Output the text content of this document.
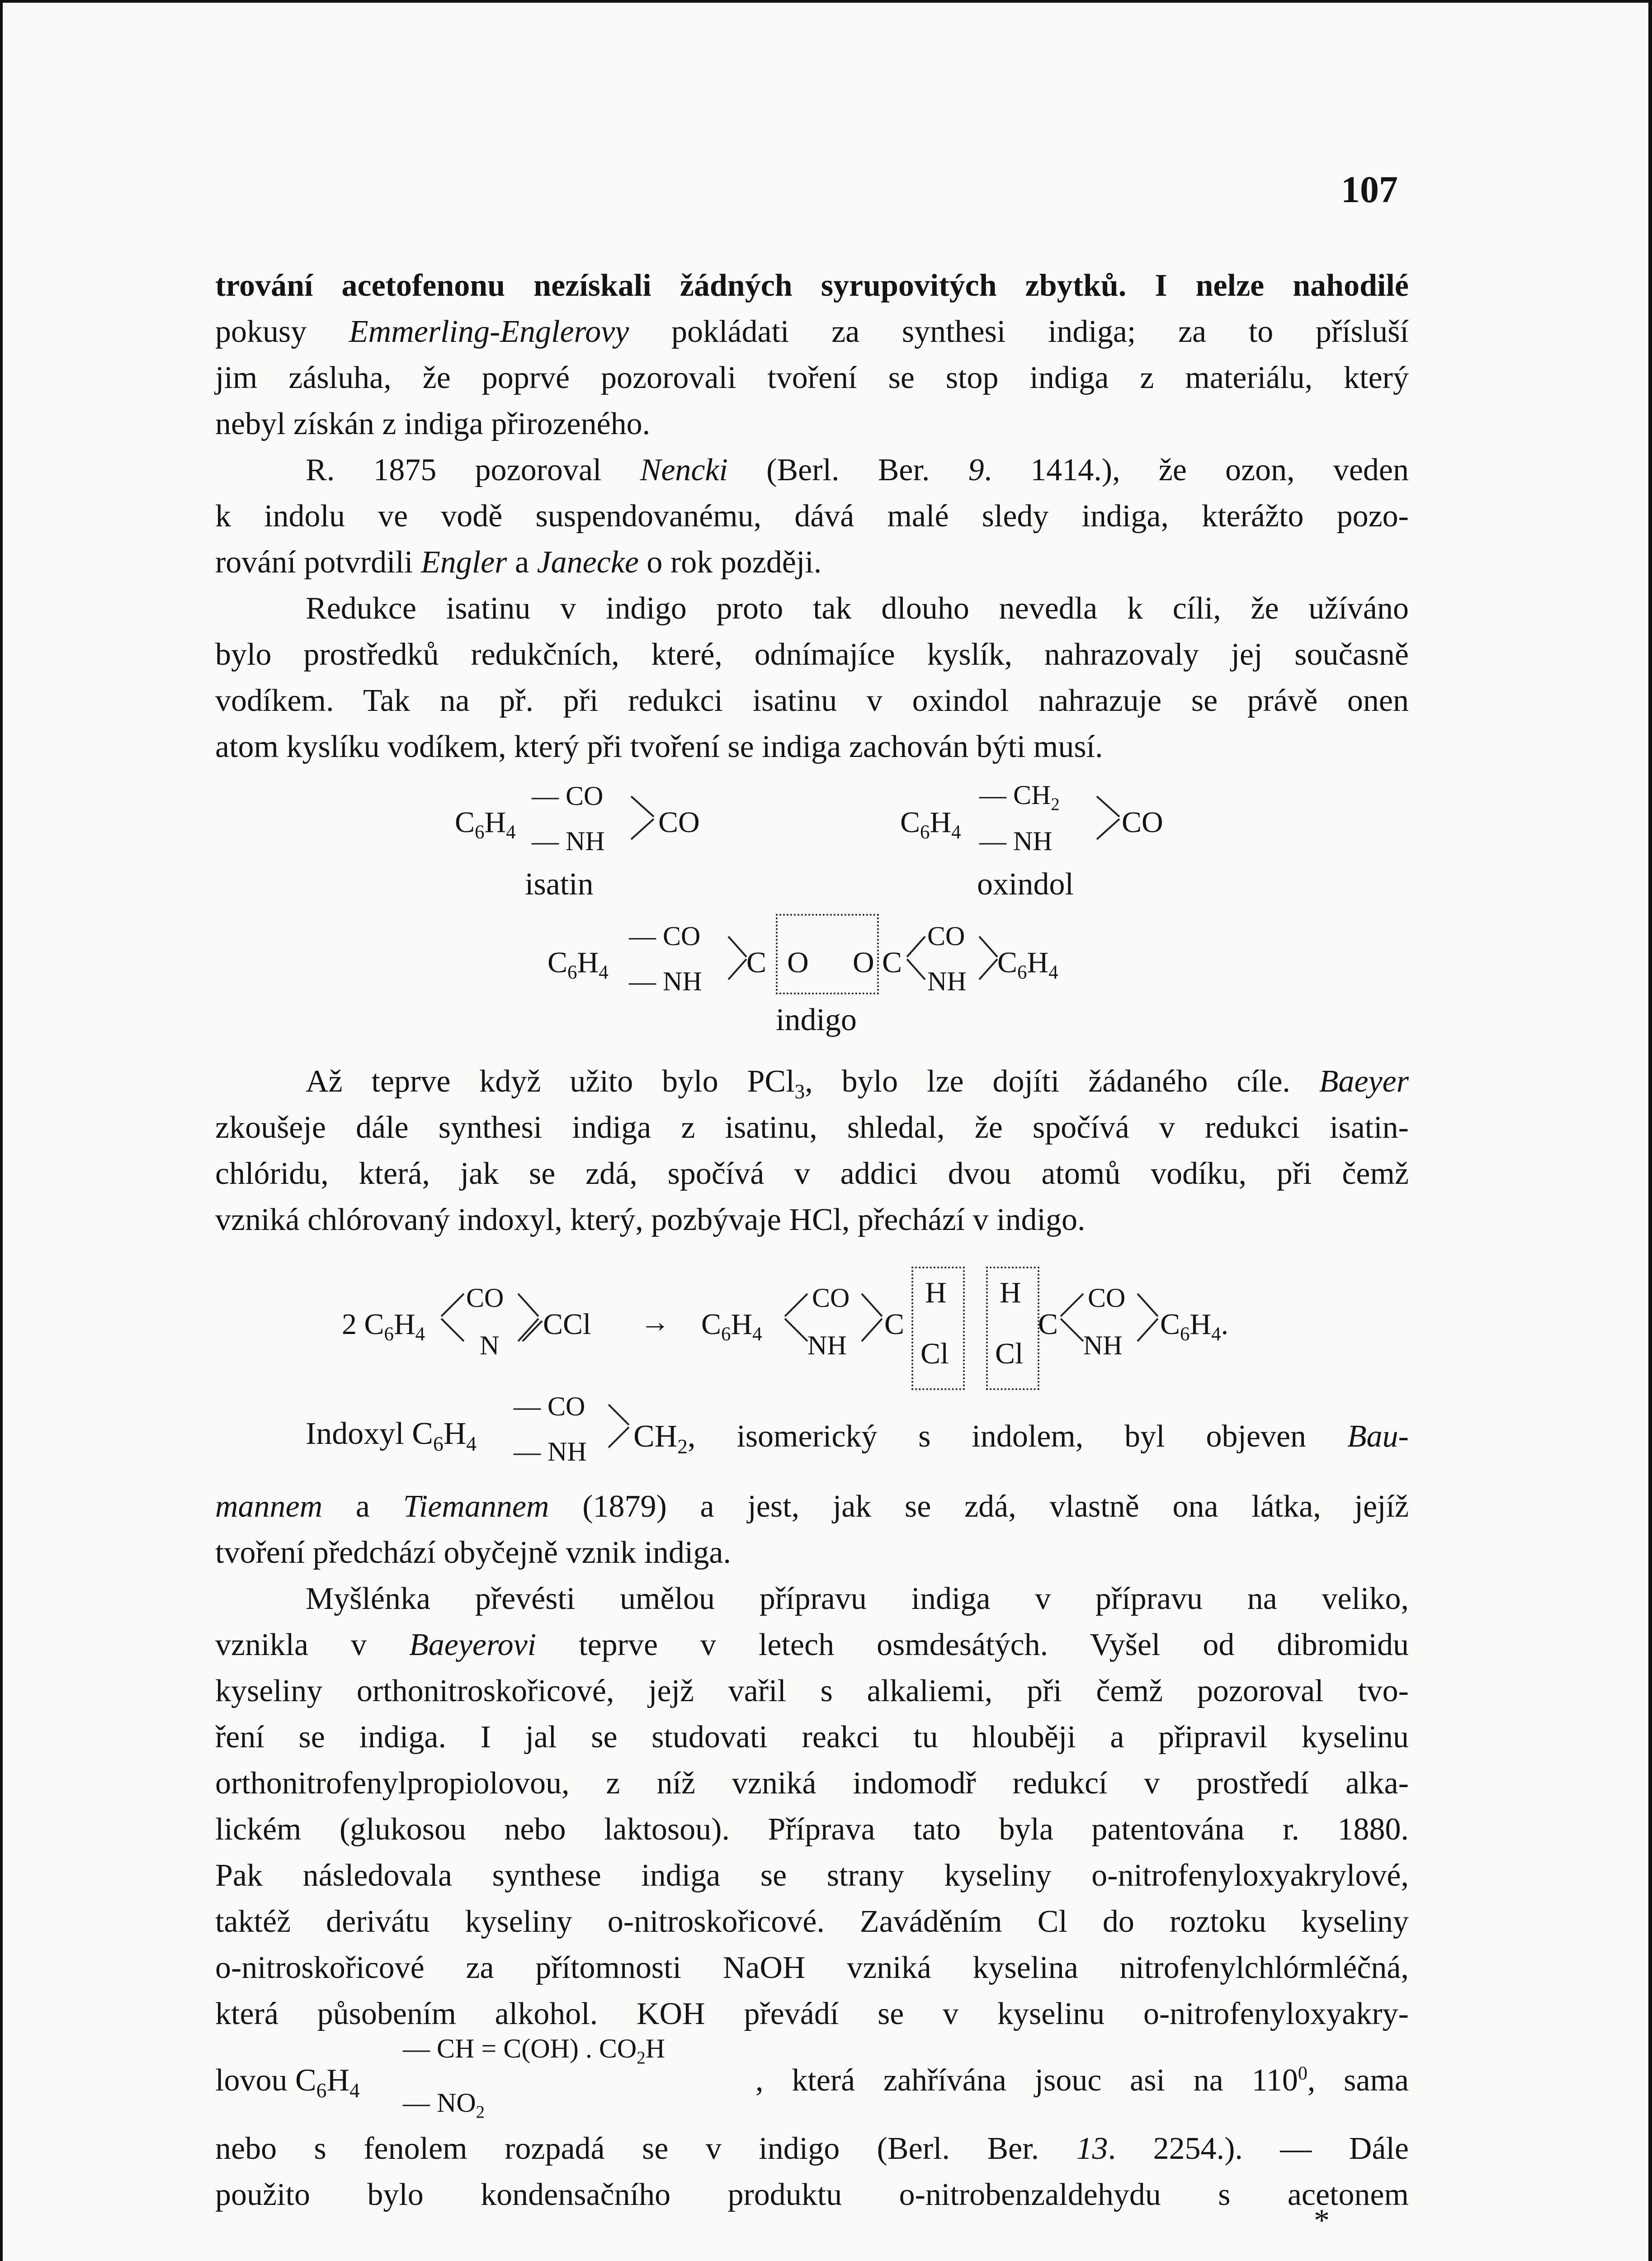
107
trování acetofenonu nezískali žádných syrupovitých zbytků. I nelze nahodilé
pokusy Emmerling-Englerovy pokládati za synthesi indiga; za to přísluší
jim zásluha, že poprvé pozorovali tvoření se stop indiga z materiálu, který
nebyl získán z indiga přirozeného.
R. 1875 pozoroval Nencki (Berl. Ber. 9. 1414.), že ozon, veden
k indolu ve vodě suspendovanému, dává malé sledy indiga, kterážto pozo-
rování potvrdili Engler a Janecke o rok později.
Redukce isatinu v indigo proto tak dlouho nevedla k cíli, že užíváno
bylo prostředků redukčních, které, odnímajíce kyslík, nahrazovaly jej současně
vodíkem. Tak na př. při redukci isatinu v oxindol nahrazuje se právě onen
atom kyslíku vodíkem, který při tvoření se indiga zachován býti musí.
$C_6H_4$
— CO
— NH
CO
isatin
$C_6H_4$
— $CH_2$
— NH
CO
oxindol
$C_6H_4$
— CO
— NH
C O O C
CO
NH
$C_6H_4$
indigo
Až teprve když užito bylo PCl$_3$, bylo lze dojíti žádaného cíle. Baeyer
zkoušeje dále synthesi indiga z isatinu, shledal, že spočívá v redukci isatin-
chlóridu, která, jak se zdá, spočívá v addici dvou atomů vodíku, při čemž
vzniká chlórovaný indoxyl, který, pozbývaje HCl, přechází v indigo.
2 $C_6H_4$
CO
N
CCl → $C_6H_4$
CO
NH
C
H
Cl
H
Cl
C
CO
NH
$C_6H_4$.
Indoxyl $C_6H_4$
— CO
— NH $CH_2$, isomerický s indolem, byl objeven Bau-
mannem a Tiemannem (1879) a jest, jak se zdá, vlastně ona látka, jejíž
tvoření předchází obyčejně vznik indiga.
Myšlénka převésti umělou přípravu indiga v přípravu na veliko,
vznikla v Baeyerovi teprve v letech osmdesátých. Vyšel od dibromidu
kyseliny orthonitroskořicové, jejž vařil s alkaliemi, při čemž pozoroval tvo-
ření se indiga. I jal se studovati reakci tu hlouběji a připravil kyselinu
orthonitrofenylpropiolovou, z níž vzniká indomodř redukcí v prostředí alka-
lickém (glukosou nebo laktosou). Příprava tato byla patentována r. 1880.
Pak následovala synthese indiga se strany kyseliny o-nitrofenyloxyakrylové,
taktéž derivátu kyseliny o-nitroskořicové. Zaváděním Cl do roztoku kyseliny
o-nitroskořicové za přítomnosti NaOH vzniká kyselina nitrofenylchlórmléčná,
která působením alkohol. KOH převádí se v kyselinu o-nitrofenyloxyakry-
lovou $C_6H_4$
— CH = C(OH) . $CO_2H$
— $NO_2$
, která zahřívána jsouc asi na $110^0$, sama
nebo s fenolem rozpadá se v indigo (Berl. Ber. 13. 2254.). — Dále
použito bylo kondensačního produktu o-nitrobenzaldehydu s acetonem
*
